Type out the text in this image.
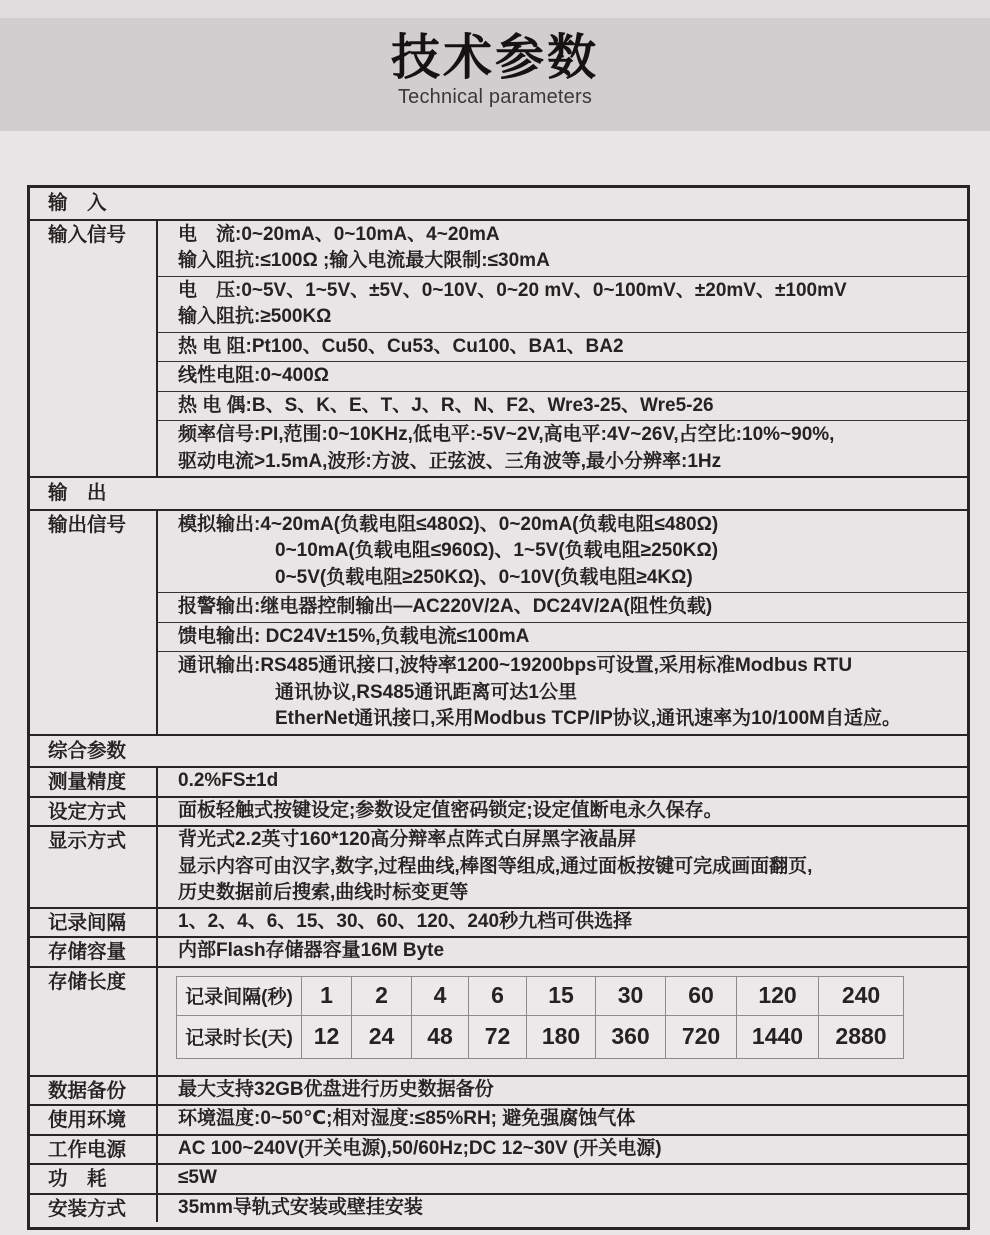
技术参数
Technical parameters
输　入
输入信号	电　流:0~20mA、0~10mA、4~20mA
输入阻抗:≤100Ω ;输入电流最大限制:≤30mA
电　压:0~5V、1~5V、±5V、0~10V、0~20 mV、0~100mV、±20mV、±100mV
输入阻抗:≥500KΩ
热 电 阻:Pt100、Cu50、Cu53、Cu100、BA1、BA2
线性电阻:0~400Ω
热 电 偶:B、S、K、E、T、J、R、N、F2、Wre3-25、Wre5-26
频率信号:PI,范围:0~10KHz,低电平:-5V~2V,高电平:4V~26V,占空比:10%~90%,
驱动电流>1.5mA,波形:方波、正弦波、三角波等,最小分辨率:1Hz
输　出
输出信号	模拟输出:4~20mA(负载电阻≤480Ω)、0~20mA(负载电阻≤480Ω)
0~10mA(负载电阻≤960Ω)、1~5V(负载电阻≥250KΩ)
0~5V(负载电阻≥250KΩ)、0~10V(负载电阻≥4KΩ)
报警输出:继电器控制输出—AC220V/2A、DC24V/2A(阻性负载)
馈电输出: DC24V±15%,负载电流≤100mA
通讯输出:RS485通讯接口,波特率1200~19200bps可设置,采用标准Modbus RTU
通讯协议,RS485通讯距离可达1公里
EtherNet通讯接口,采用Modbus TCP/IP协议,通讯速率为10/100M自适应。
综合参数
测量精度	0.2%FS±1d
设定方式	面板轻触式按键设定;参数设定值密码锁定;设定值断电永久保存。
显示方式	背光式2.2英寸160*120高分辩率点阵式白屏黑字液晶屏
显示内容可由汉字,数字,过程曲线,棒图等组成,通过面板按键可完成画面翻页,
历史数据前后搜索,曲线时标变更等
记录间隔	1、2、4、6、15、30、60、120、240秒九档可供选择
存储容量	内部Flash存储器容量16M Byte
存储长度
记录间隔(秒)	1	2	4	6	15	30	60	120	240
记录时长(天)	12	24	48	72	180	360	720	1440	2880
数据备份	最大支持32GB优盘进行历史数据备份
使用环境	环境温度:0~50℃;相对湿度:≤85%RH; 避免强腐蚀气体
工作电源	AC 100~240V(开关电源),50/60Hz;DC 12~30V (开关电源)
功　耗	≤5W
安装方式	35mm导轨式安装或壁挂安装
